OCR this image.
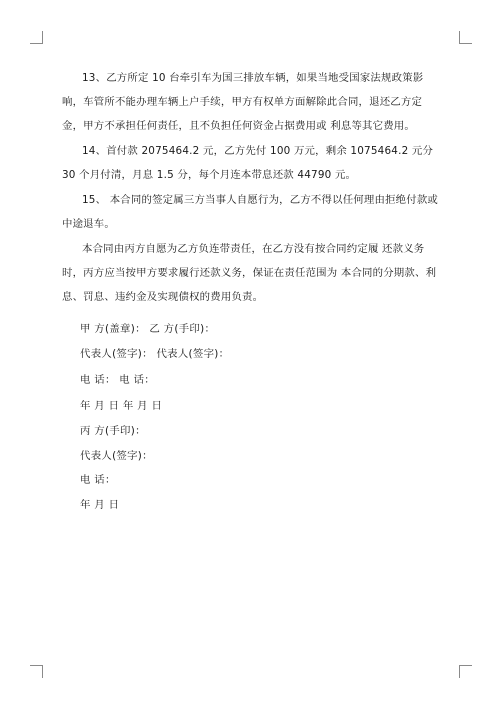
13、乙方所定 10 台牵引车为国三排放车辆，如果当地受国家法规政策影响，车管所不能办理车辆上户手续，甲方有权单方面解除此合同，退还乙方定金，甲方不承担任何责任，且不负担任何资金占据费用或 利息等其它费用。

14、首付款 2075464.2 元，乙方先付 100 万元，剩余 1075464.2 元分 30 个月付清，月息 1.5 分，每个月连本带息还款 44790 元。

15、 本合同的签定属三方当事人自愿行为，乙方不得以任何理由拒绝付款或中途退车。

本合同由丙方自愿为乙方负连带责任，在乙方没有按合同约定履 还款义务时，丙方应当按甲方要求履行还款义务，保证在责任范围为 本合同的分期款、利息、罚息、违约金及实现债权的费用负责。

甲 方(盖章)： 乙 方(手印)：
代表人(签字)： 代表人(签字)：
电 话： 电 话：
年 月 日 年 月 日
丙 方(手印)：
代表人(签字)：
电 话：
年 月 日
